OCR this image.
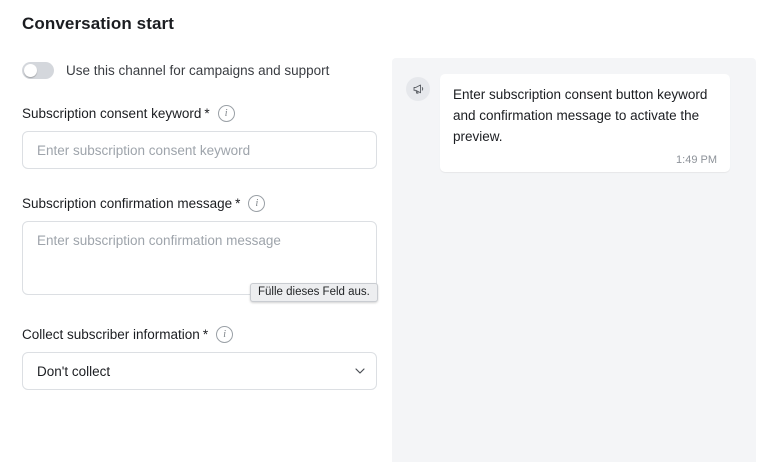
Conversation start
Use this channel for campaigns and support
Subscription consent keyword *	i
Enter subscription consent keyword
Subscription confirmation message *	i
Enter subscription confirmation message
Fülle dieses Feld aus.
Collect subscriber information *	i
Don't collect
Enter subscription consent button keyword and confirmation message to activate the preview.
1:49 PM
